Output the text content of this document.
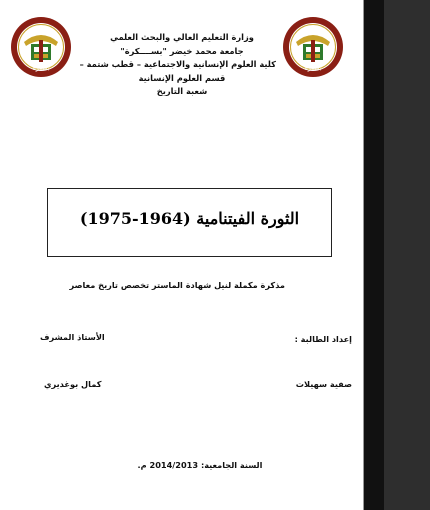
بسكرة
بسكرة
وزارة التعليم العالي والبحث العلمي
جامعة محمد خيضر "بســــكرة"
كلية العلوم الإنسانية والاجتماعية – قطب شتمة –
قسم العلوم الإنسانية
شعبة التاريخ
الثورة الفيتنامية (1964-1975)
مذكرة مكملة لنيل شهادة الماستر تخصص تاريخ معاصر
إعداد الطالبة :
الأستاذ المشرف
صفية سهيلات
كمال بوغديري
السنة الجامعية: 2014/2013 م.
